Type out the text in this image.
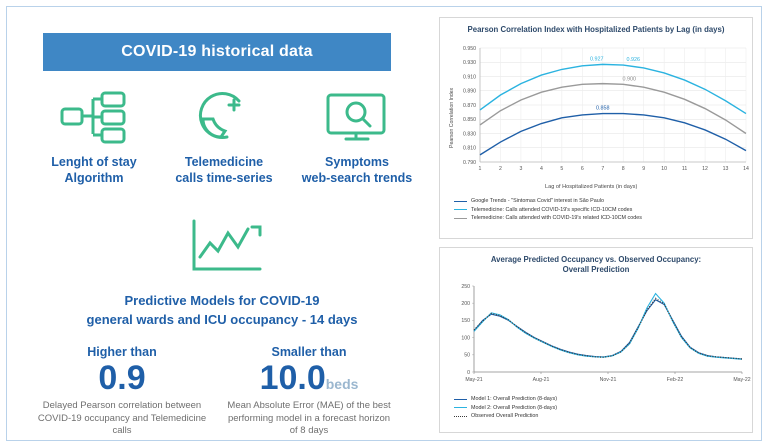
COVID-19 historical data
Lenght of stay
Algorithm
Telemedicine
calls time-series
Symptoms
web-search trends
Predictive Models for COVID-19
general wards and ICU occupancy - 14 days
Higher than
0.9
Delayed Pearson correlation between COVID-19 occupancy and Telemedicine calls
Smaller than
10.0beds
Mean Absolute Error (MAE) of the best performing model in a forecast horizon of 8 days
Pearson Correlation Index with Hospitalized Patients by Lag (in days)
Pearson Correlation Index
0.950
0.930
0.910
0.890
0.870
0.850
0.830
0.810
0.790
1	2	3	4	5	6	7	8	9	10	11	12	13	14
0.927	0.926
0.900
0.858
Lag of Hospitalized Patients (in days)
Google Trends - "Sintomas Covid" interest in São Paulo
Telemedicine: Calls attended COVID-19's specific ICD-10CM codes
Telemedicine: Calls attended with COVID-19's related ICD-10CM codes
Average Predicted Occupancy vs. Observed Occupancy:
Overall Prediction
250
200
150
100
50
0
May-21	Aug-21	Nov-21	Feb-22	May-22
Model 1: Overall Prediction (8-days)
Model 2: Overall Prediction (8-days)
Observed Overall Prediction
